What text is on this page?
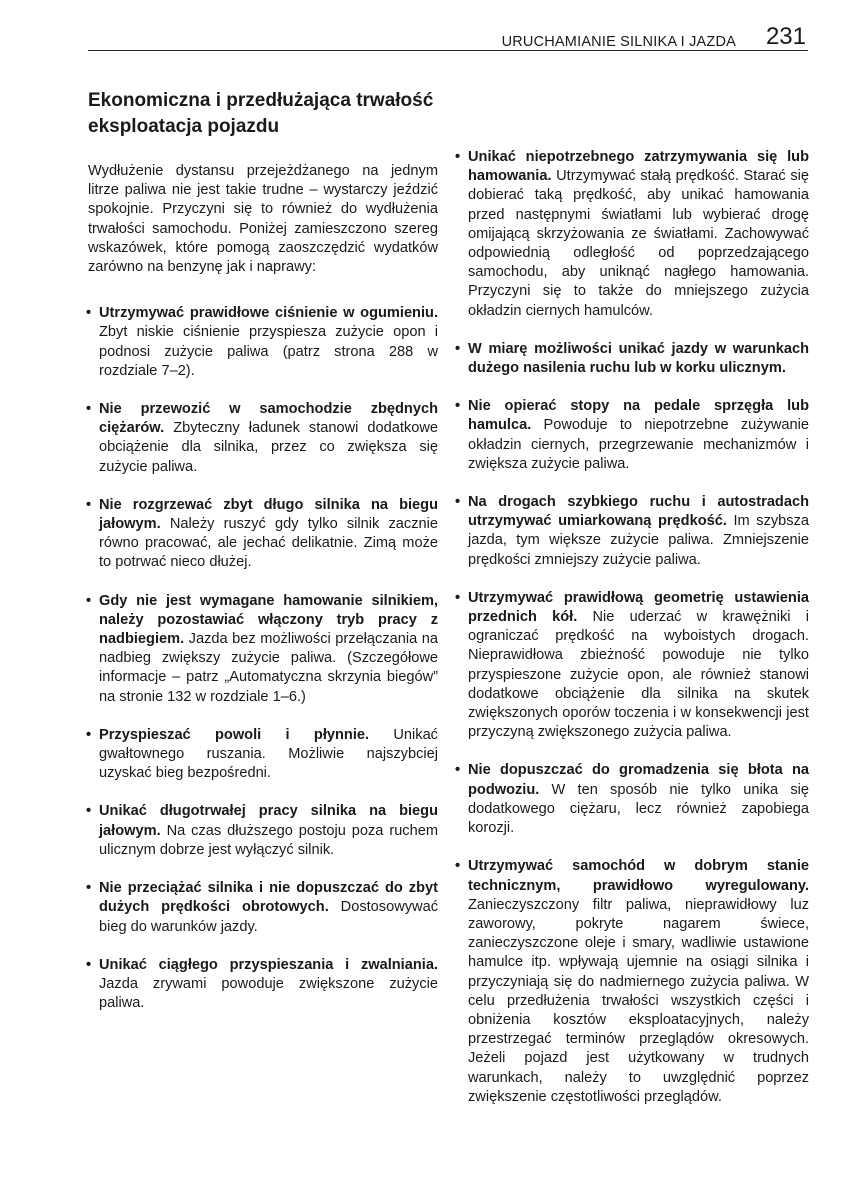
URUCHAMIANIE SILNIKA I JAZDA 231
Ekonomiczna i przedłużająca trwałość eksploatacja pojazdu

Wydłużenie dystansu przejeżdżanego na jednym litrze paliwa nie jest takie trudne – wystarczy jeździć spokojnie. Przyczyni się to również do wydłużenia trwałości samochodu. Poniżej zamieszczono szereg wskazówek, które pomogą zaoszczędzić wydatków zarówno na benzynę jak i naprawy:

• Utrzymywać prawidłowe ciśnienie w ogumieniu. Zbyt niskie ciśnienie przyspiesza zużycie opon i podnosi zużycie paliwa (patrz strona 288 w rozdziale 7–2).
• Nie przewozić w samochodzie zbędnych ciężarów. Zbyteczny ładunek stanowi dodatkowe obciążenie dla silnika, przez co zwiększa się zużycie paliwa.
• Nie rozgrzewać zbyt długo silnika na biegu jałowym. Należy ruszyć gdy tylko silnik zacznie równo pracować, ale jechać delikatnie. Zimą może to potrwać nieco dłużej.
• Gdy nie jest wymagane hamowanie silnikiem, należy pozostawiać włączony tryb pracy z nadbiegiem. Jazda bez możliwości przełączania na nadbieg zwiększy zużycie paliwa. (Szczegółowe informacje – patrz „Automatyczna skrzynia biegów” na stronie 132 w rozdziale 1–6.)
• Przyspieszać powoli i płynnie. Unikać gwałtownego ruszania. Możliwie najszybciej uzyskać bieg bezpośredni.
• Unikać długotrwałej pracy silnika na biegu jałowym. Na czas dłuższego postoju poza ruchem ulicznym dobrze jest wyłączyć silnik.
• Nie przeciążać silnika i nie dopuszczać do zbyt dużych prędkości obrotowych. Dostosowywać bieg do warunków jazdy.
• Unikać ciągłego przyspieszania i zwalniania. Jazda zrywami powoduje zwiększone zużycie paliwa.
• Unikać niepotrzebnego zatrzymywania się lub hamowania. Utrzymywać stałą prędkość. Starać się dobierać taką prędkość, aby unikać hamowania przed następnymi światłami lub wybierać drogę omijającą skrzyżowania ze światłami. Zachowywać odpowiednią odległość od poprzedzającego samochodu, aby uniknąć nagłego hamowania. Przyczyni się to także do mniejszego zużycia okładzin ciernych hamulców.
• W miarę możliwości unikać jazdy w warunkach dużego nasilenia ruchu lub w korku ulicznym.
• Nie opierać stopy na pedale sprzęgła lub hamulca. Powoduje to niepotrzebne zużywanie okładzin ciernych, przegrzewanie mechanizmów i zwiększa zużycie paliwa.
• Na drogach szybkiego ruchu i autostradach utrzymywać umiarkowaną prędkość. Im szybsza jazda, tym większe zużycie paliwa. Zmniejszenie prędkości zmniejszy zużycie paliwa.
• Utrzymywać prawidłową geometrię ustawienia przednich kół. Nie uderzać w krawężniki i ograniczać prędkość na wyboistych drogach. Nieprawidłowa zbieżność powoduje nie tylko przyspieszone zużycie opon, ale również stanowi dodatkowe obciążenie dla silnika na skutek zwiększonych oporów toczenia i w konsekwencji jest przyczyną zwiększonego zużycia paliwa.
• Nie dopuszczać do gromadzenia się błota na podwoziu. W ten sposób nie tylko unika się dodatkowego ciężaru, lecz również zapobiega korozji.
• Utrzymywać samochód w dobrym stanie technicznym, prawidłowo wyregulowany. Zanieczyszczony filtr paliwa, nieprawidłowy luz zaworowy, pokryte nagarem świece, zanieczyszczone oleje i smary, wadliwie ustawione hamulce itp. wpływają ujemnie na osiągi silnika i przyczyniają się do nadmiernego zużycia paliwa. W celu przedłużenia trwałości wszystkich części i obniżenia kosztów eksploatacyjnych, należy przestrzegać terminów przeglądów okresowych. Jeżeli pojazd jest użytkowany w trudnych warunkach, należy to uwzględnić poprzez zwiększenie częstotliwości przeglądów.
